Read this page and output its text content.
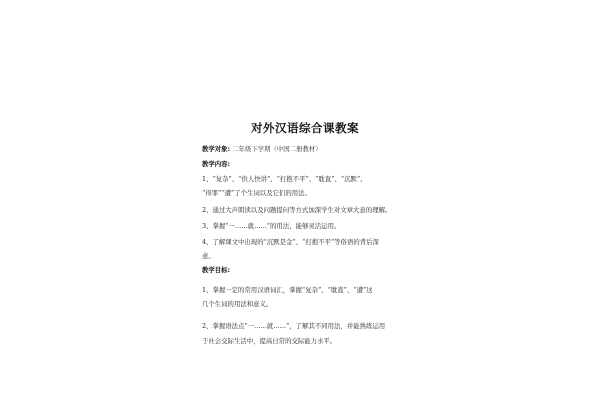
对外汉语综合课教案
教学对象: 二年级下学期（中国二册教材）
教学内容:
1、“复杂”、“供人快讲”、“打抱不平”、“耽直”、“沉默”、
“得罪”“遭”了个生词以及它们的用法。
2、通过大声朗读以及问题提问等方式加深学生对文章大意的理解。
3、掌握“一……就……”的用法，能够灵活运用。
4、了解课文中出现的“沉默是金”、“打抱不平”等俗语的背后深
意。
教学目标:
1、掌握一定的常用汉语词汇，掌握“复杂”、“耽直”、“遭”这
几个生词的用法和意义。
2、掌握语法点“一……就……”，了解其不同用法，并能熟练运用
于社会交际生活中，提高日常的交际能力水平。
